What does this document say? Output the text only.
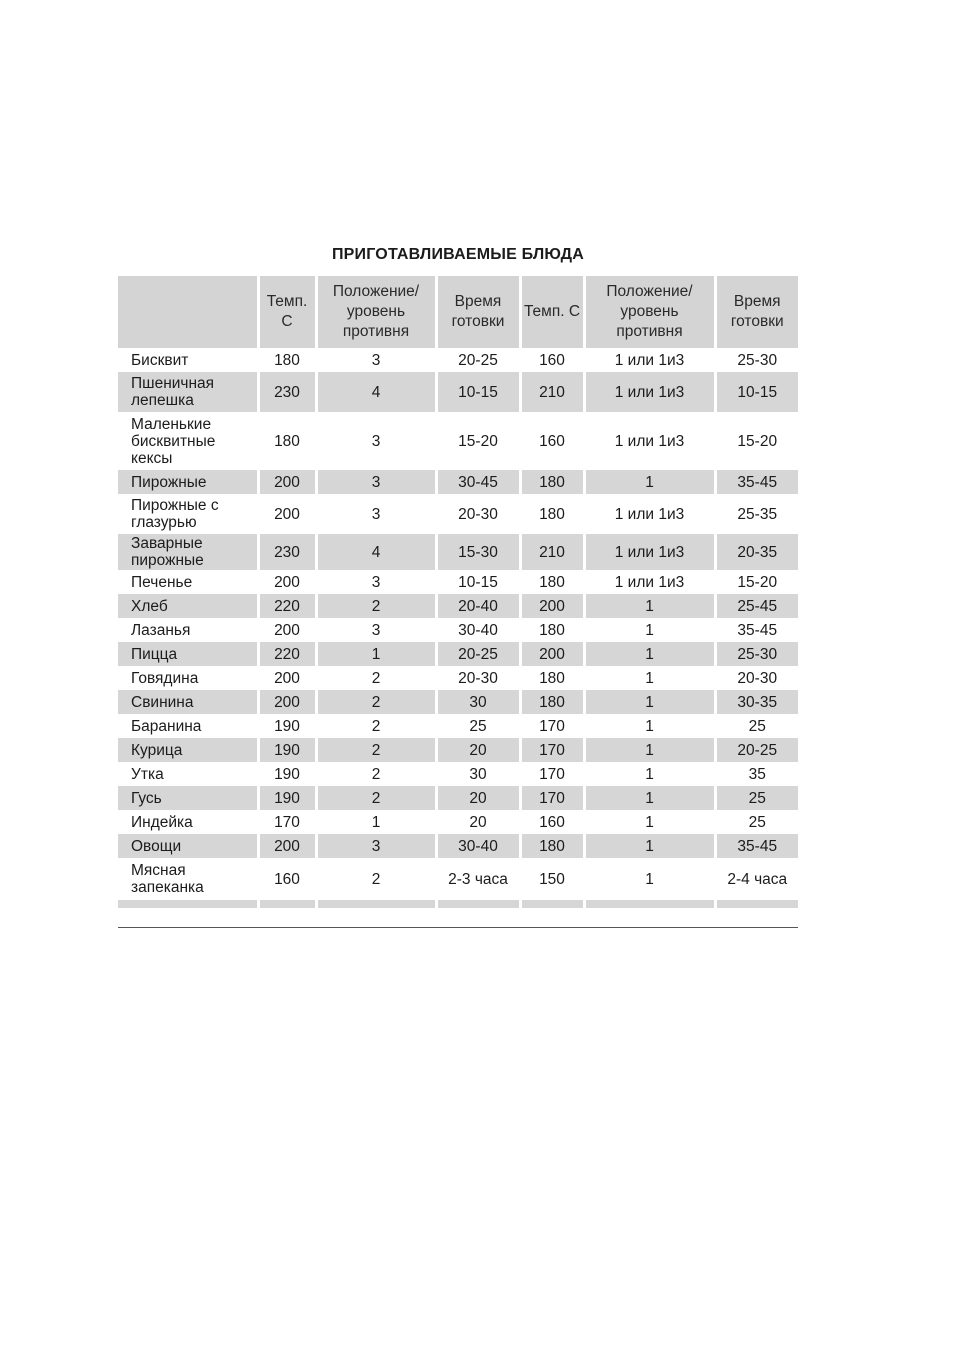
ПРИГОТАВЛИВАЕМЫЕ БЛЮДА
	Темп. С	Положение/ уровень противня	Время готовки	Темп. С	Положение/ уровень противня	Время готовки
Бисквит	180	3	20-25	160	1 или 1и3	25-30
Пшеничная лепешка	230	4	10-15	210	1 или 1и3	10-15
Маленькие бисквитные кексы	180	3	15-20	160	1 или 1и3	15-20
Пирожные	200	3	30-45	180	1	35-45
Пирожные с глазурью	200	3	20-30	180	1 или 1и3	25-35
Заварные пирожные	230	4	15-30	210	1 или 1и3	20-35
Печенье	200	3	10-15	180	1 или 1и3	15-20
Хлеб	220	2	20-40	200	1	25-45
Лазанья	200	3	30-40	180	1	35-45
Пицца	220	1	20-25	200	1	25-30
Говядина	200	2	20-30	180	1	20-30
Свинина	200	2	30	180	1	30-35
Баранина	190	2	25	170	1	25
Курица	190	2	20	170	1	20-25
Утка	190	2	30	170	1	35
Гусь	190	2	20	170	1	25
Индейка	170	1	20	160	1	25
Овощи	200	3	30-40	180	1	35-45
Мясная запеканка	160	2	2-3 часа	150	1	2-4 часа
